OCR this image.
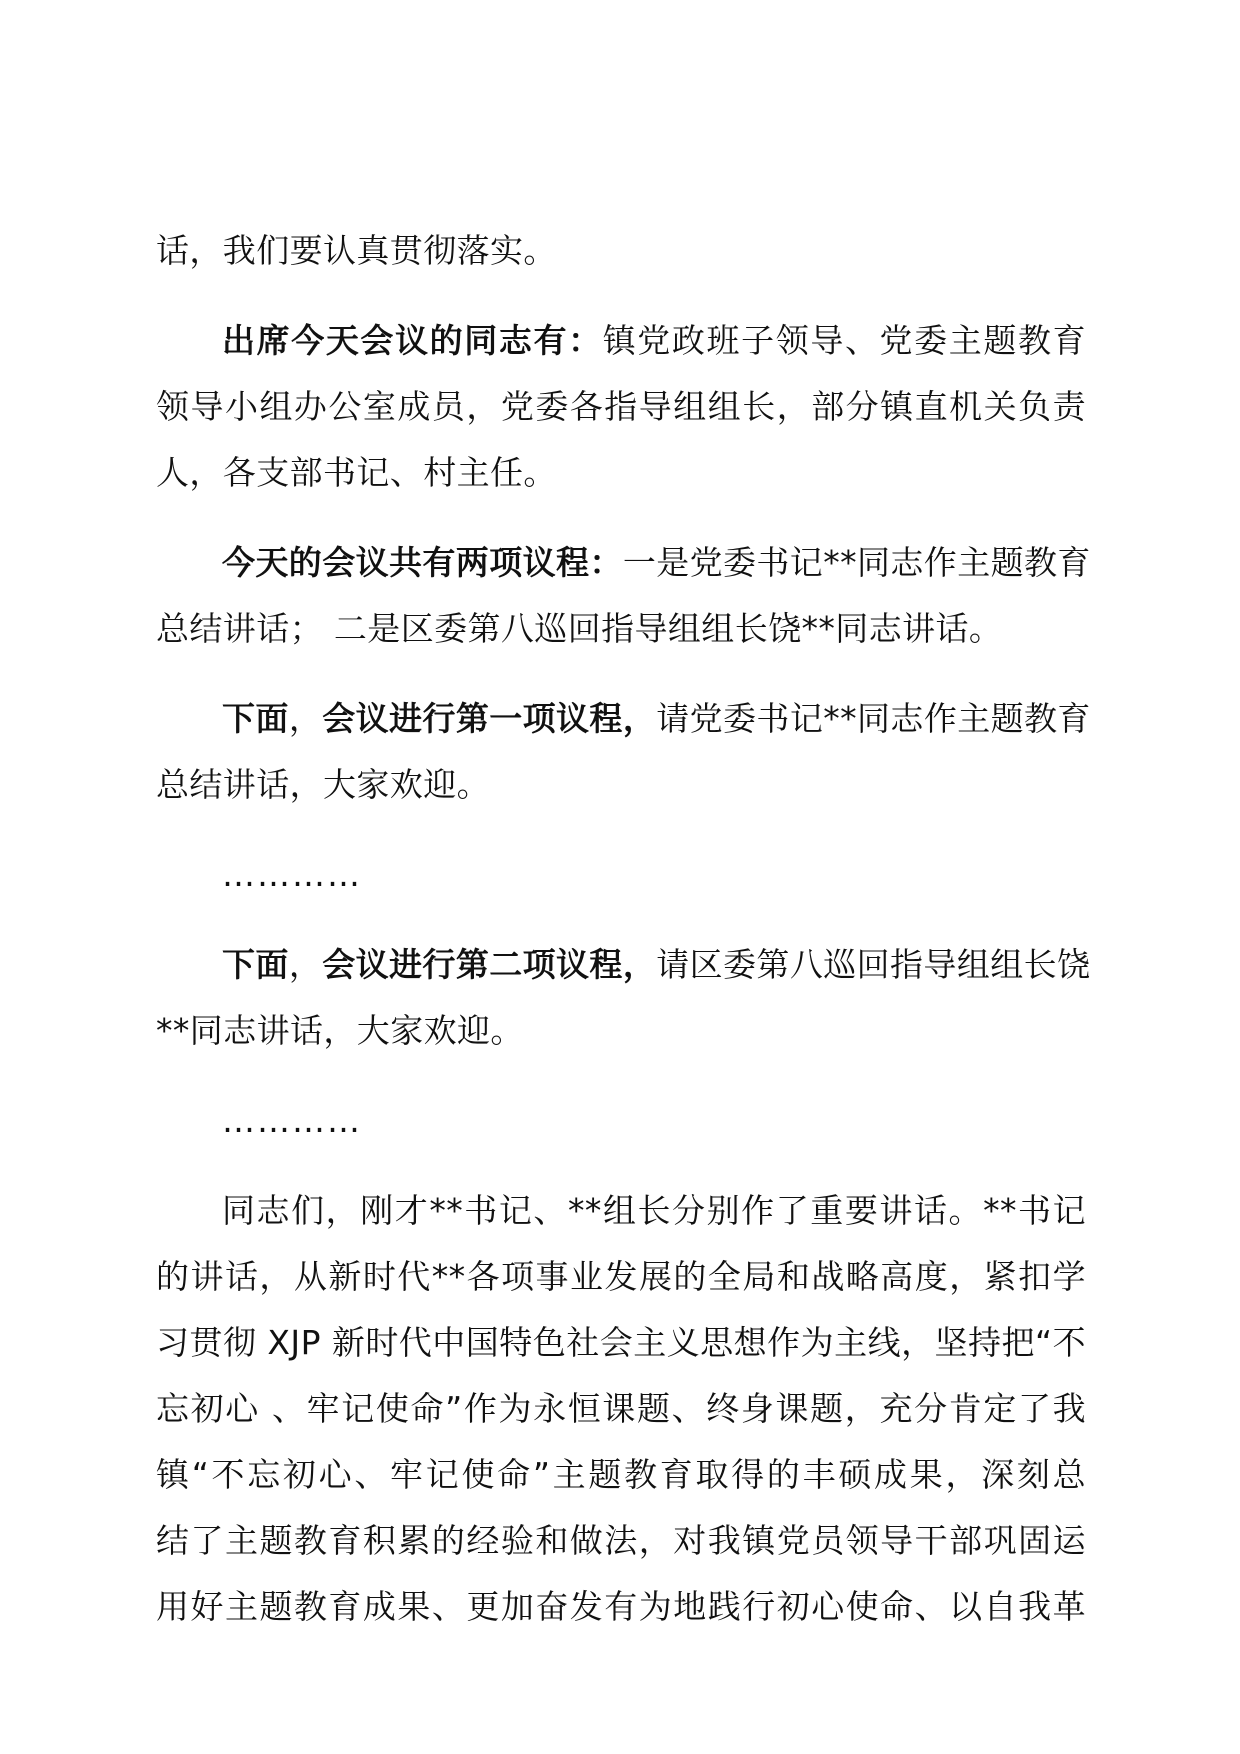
话，我们要认真贯彻落实。
出席今天会议的同志有：镇党政班子领导、党委主题教育
领导小组办公室成员，党委各指导组组长，部分镇直机关负责
人，各支部书记、村主任。
今天的会议共有两项议程：一是党委书记**同志作主题教育
总结讲话； 二是区委第八巡回指导组组长饶**同志讲话。
下面，会议进行第一项议程，请党委书记**同志作主题教育
总结讲话，大家欢迎。
…………
下面，会议进行第二项议程，请区委第八巡回指导组组长饶
**同志讲话，大家欢迎。
…………
同志们，刚才**书记、**组长分别作了重要讲话。**书记
的讲话，从新时代**各项事业发展的全局和战略高度，紧扣学
习贯彻 XJP 新时代中国特色社会主义思想作为主线，坚持把“不
忘初心 、牢记使命”作为永恒课题、终身课题，充分肯定了我
镇“不忘初心、牢记使命”主题教育取得的丰硕成果，深刻总
结了主题教育积累的经验和做法，对我镇党员领导干部巩固运
用好主题教育成果、更加奋发有为地践行初心使命、以自我革
